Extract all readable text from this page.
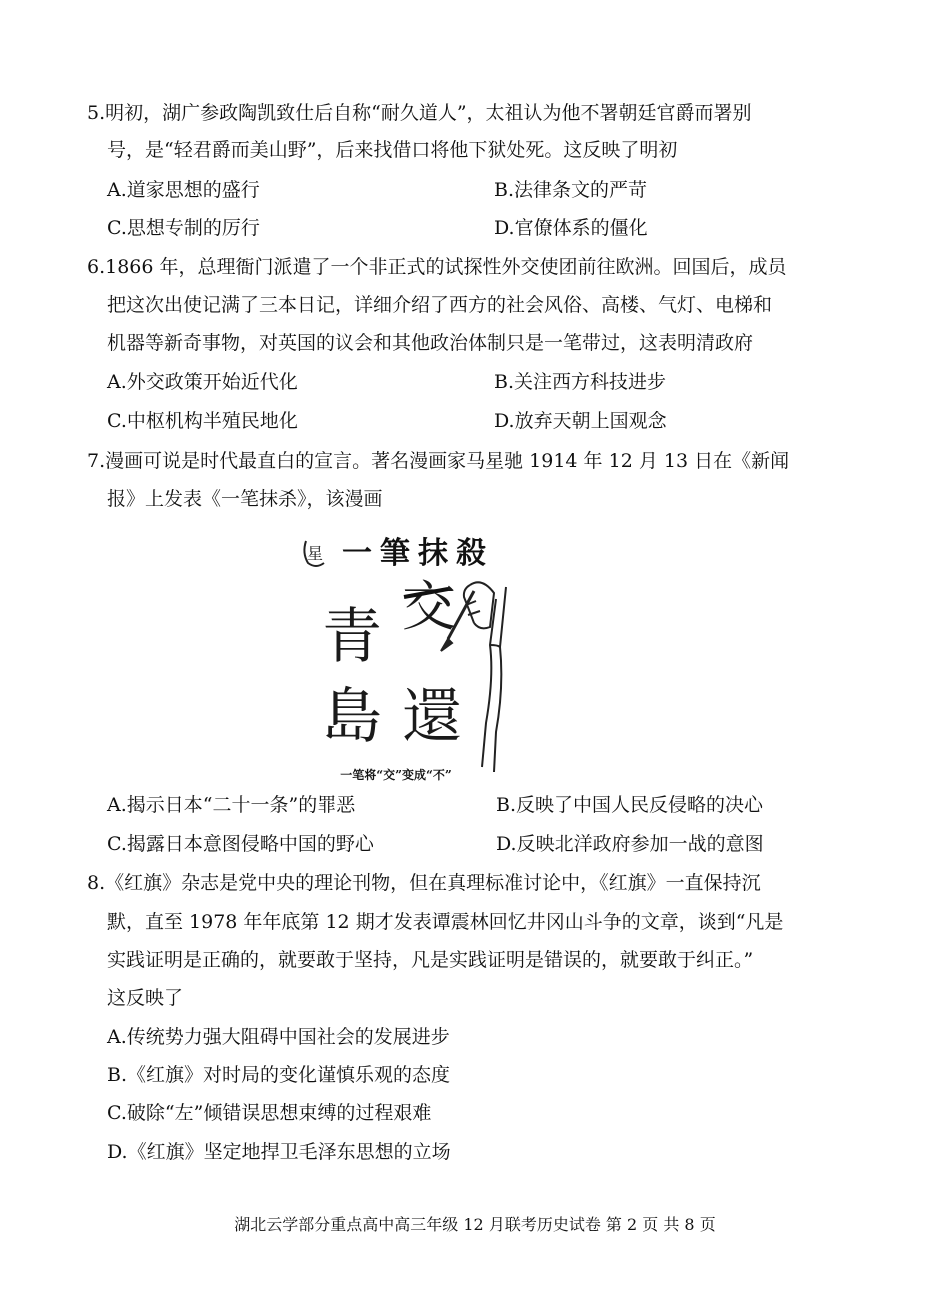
5.明初，湖广参政陶凯致仕后自称“耐久道人”，太祖认为他不署朝廷官爵而署别
号，是“轻君爵而美山野”，后来找借口将他下狱处死。这反映了明初
A.道家思想的盛行	B.法律条文的严苛
C.思想专制的厉行	D.官僚体系的僵化
6.1866 年，总理衙门派遣了一个非正式的试探性外交使团前往欧洲。回国后，成员
把这次出使记满了三本日记，详细介绍了西方的社会风俗、高楼、气灯、电梯和
机器等新奇事物，对英国的议会和其他政治体制只是一笔带过，这表明清政府
A.外交政策开始近代化	B.关注西方科技进步
C.中枢机构半殖民地化	D.放弃天朝上国观念
7.漫画可说是时代最直白的宣言。著名漫画家马星驰 1914 年 12 月 13 日在《新闻
报》上发表《一笔抹杀》，该漫画
星 一筆抹殺
青 交
島 還
一笔将“交”变成“不”
A.揭示日本“二十一条”的罪恶	B.反映了中国人民反侵略的决心
C.揭露日本意图侵略中国的野心	D.反映北洋政府参加一战的意图
8.《红旗》杂志是党中央的理论刊物，但在真理标准讨论中，《红旗》一直保持沉
默，直至 1978 年年底第 12 期才发表谭震林回忆井冈山斗争的文章，谈到“凡是
实践证明是正确的，就要敢于坚持，凡是实践证明是错误的，就要敢于纠正。”
这反映了
A.传统势力强大阻碍中国社会的发展进步
B.《红旗》对时局的变化谨慎乐观的态度
C.破除“左”倾错误思想束缚的过程艰难
D.《红旗》坚定地捍卫毛泽东思想的立场
湖北云学部分重点高中高三年级 12 月联考历史试卷 第 2 页 共 8 页
